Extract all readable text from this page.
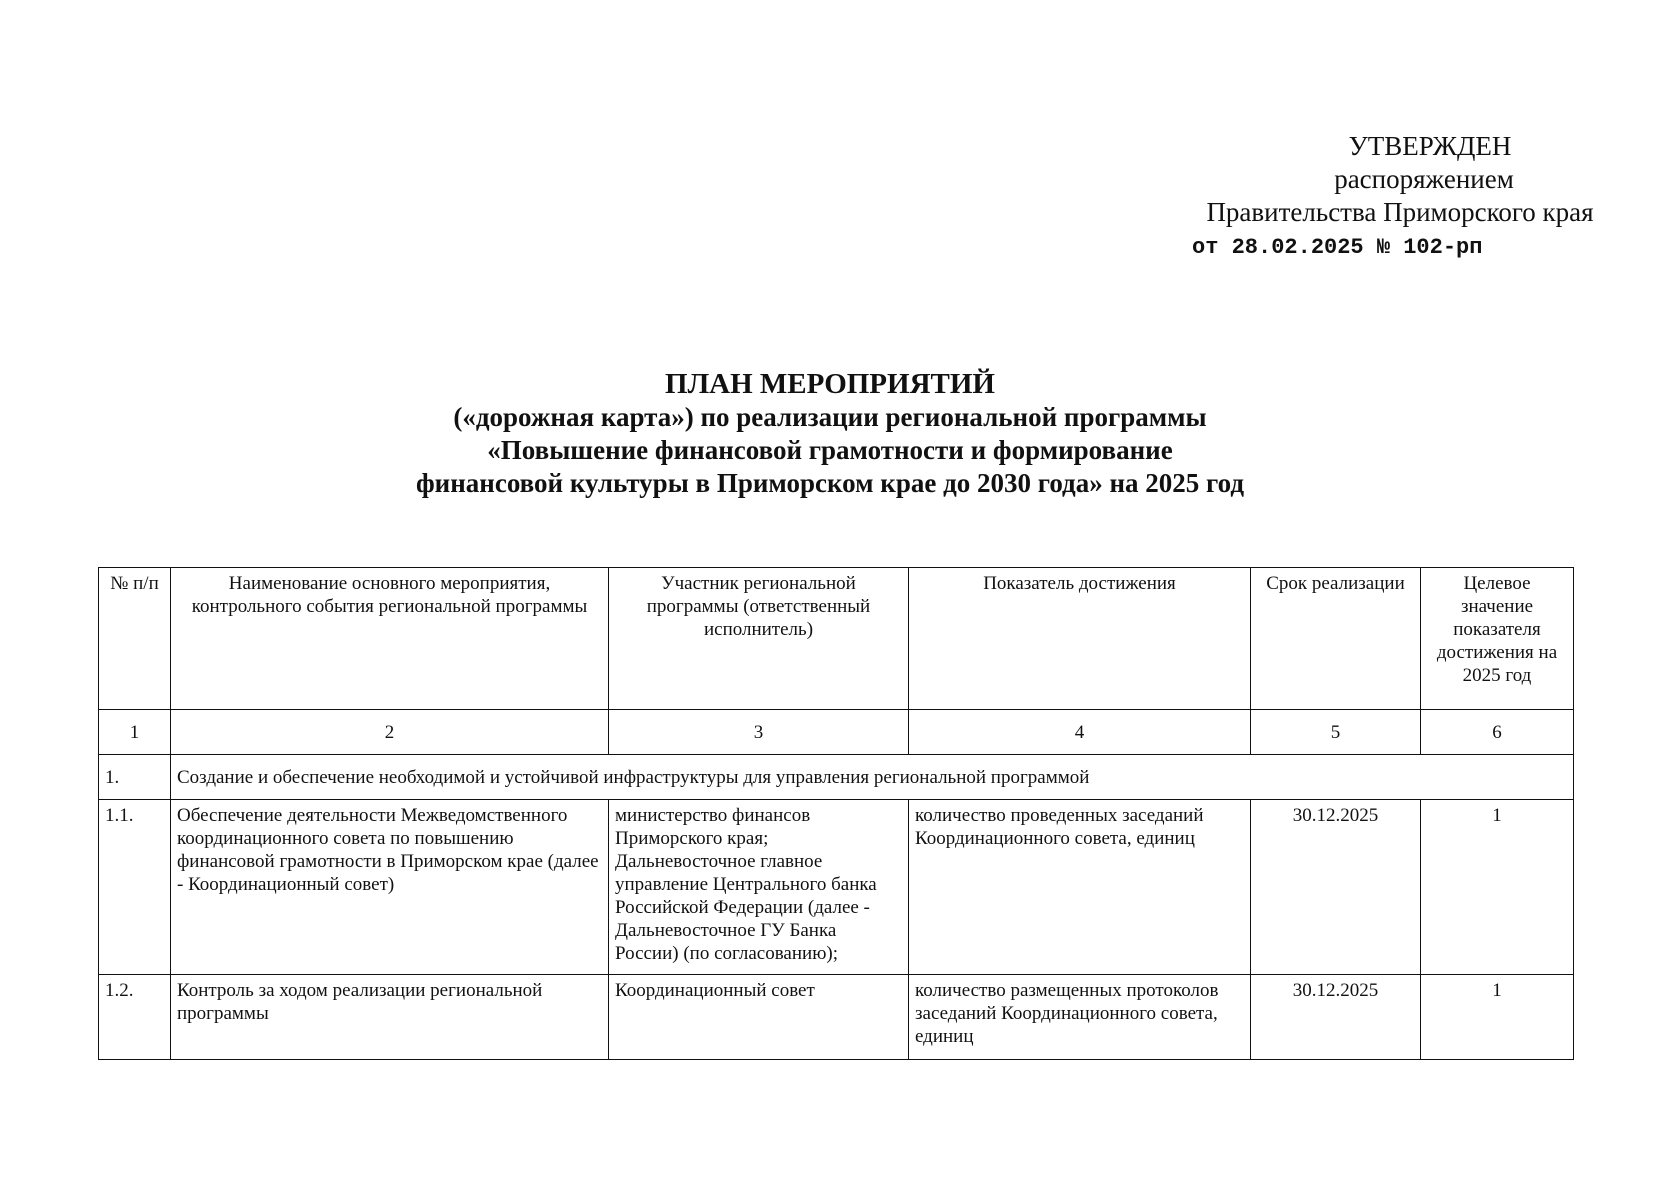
УТВЕРЖДЕН
распоряжением
Правительства Приморского края
от 28.02.2025 № 102-рп
ПЛАН МЕРОПРИЯТИЙ
(«дорожная карта») по реализации региональной программы
«Повышение финансовой грамотности и формирование
финансовой культуры в Приморском крае до 2030 года» на 2025 год
№ п/п	Наименование основного мероприятия, контрольного события региональной программы	Участник региональной программы (ответственный исполнитель)	Показатель достижения	Срок реализации	Целевое значение показателя достижения на 2025 год
1	2	3	4	5	6
1.	Создание и обеспечение необходимой и устойчивой инфраструктуры для управления региональной программой				
1.1.	Обеспечение деятельности Межведомственного координационного совета по повышению финансовой грамотности в Приморском крае (далее - Координационный совет)	министерство финансов Приморского края; Дальневосточное главное управление Центрального банка Российской Федерации (далее - Дальневосточное ГУ Банка России) (по согласованию);	количество проведенных заседаний Координационного совета, единиц	30.12.2025	1
1.2.	Контроль за ходом реализации региональной программы	Координационный совет	количество размещенных протоколов заседаний Координационного совета, единиц	30.12.2025	1
